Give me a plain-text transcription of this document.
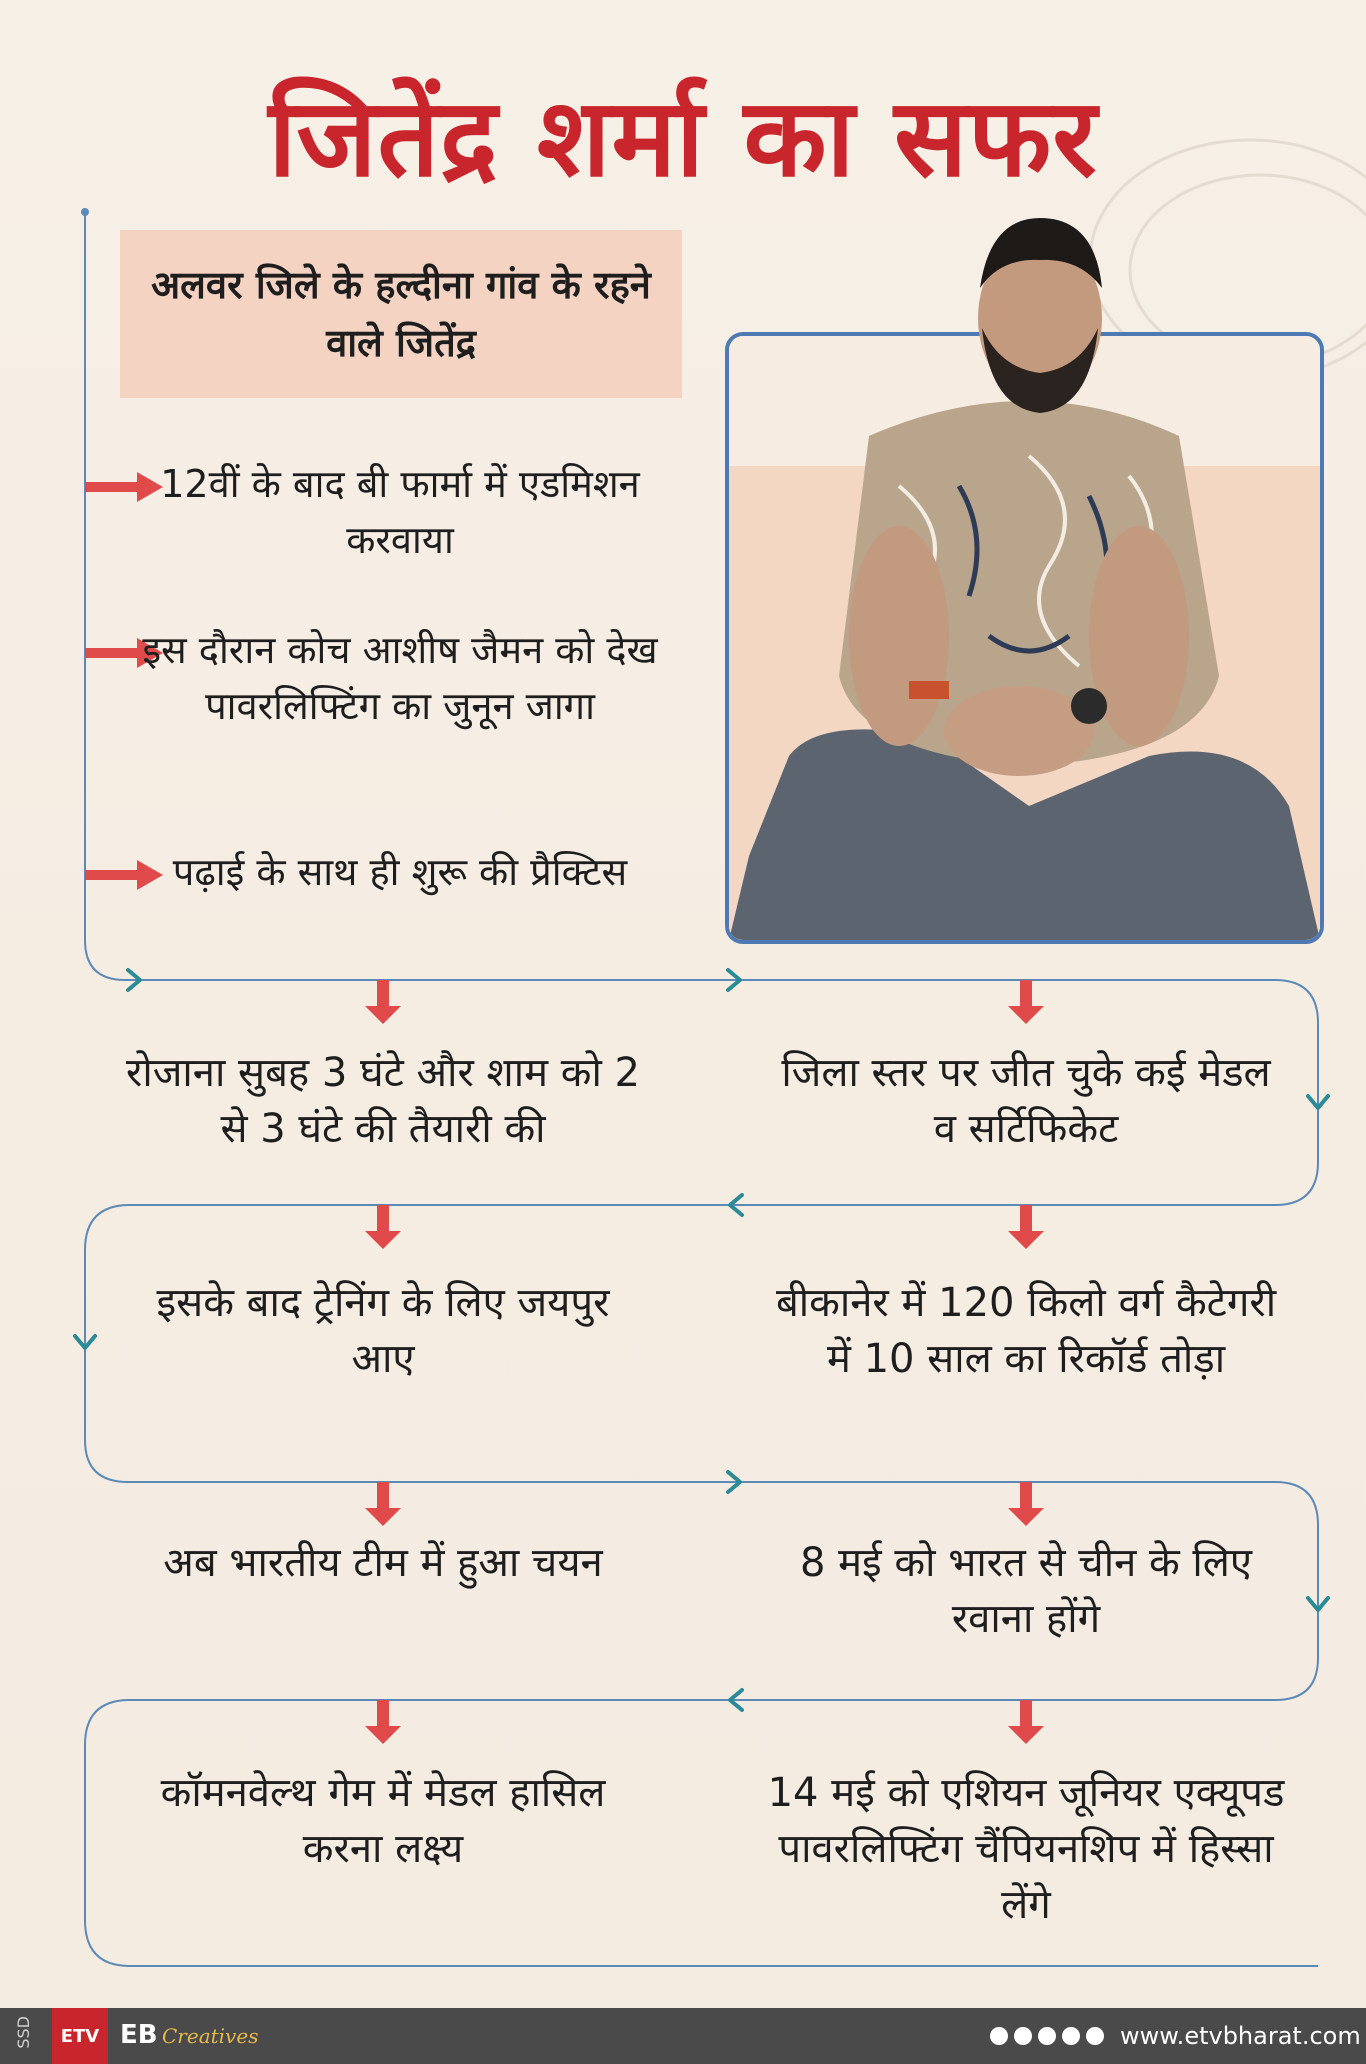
जितेंद्र शर्मा का सफर
अलवर जिले के हल्दीना गांव के रहने वाले जितेंद्र
12वीं के बाद बी फार्मा में एडमिशन करवाया
इस दौरान कोच आशीष जैमन को देख पावरलिफ्टिंग का जुनून जागा
पढ़ाई के साथ ही शुरू की प्रैक्टिस
रोजाना सुबह 3 घंटे और शाम को 2 से 3 घंटे की तैयारी की
जिला स्तर पर जीत चुके कई मेडल व सर्टिफिकेट
इसके बाद ट्रेनिंग के लिए जयपुर आए
बीकानेर में 120 किलो वर्ग कैटेगरी में 10 साल का रिकॉर्ड तोड़ा
अब भारतीय टीम में हुआ चयन	8 मई को भारत से चीन के लिए रवाना होंगे
कॉमनवेल्थ गेम में मेडल हासिल करना लक्ष्य
14 मई को एशियन जूनियर एक्यूपड पावरलिफ्टिंग चैंपियनशिप में हिस्सा लेंगे
SSD	ETV EB Creatives	www.etvbharat.com
